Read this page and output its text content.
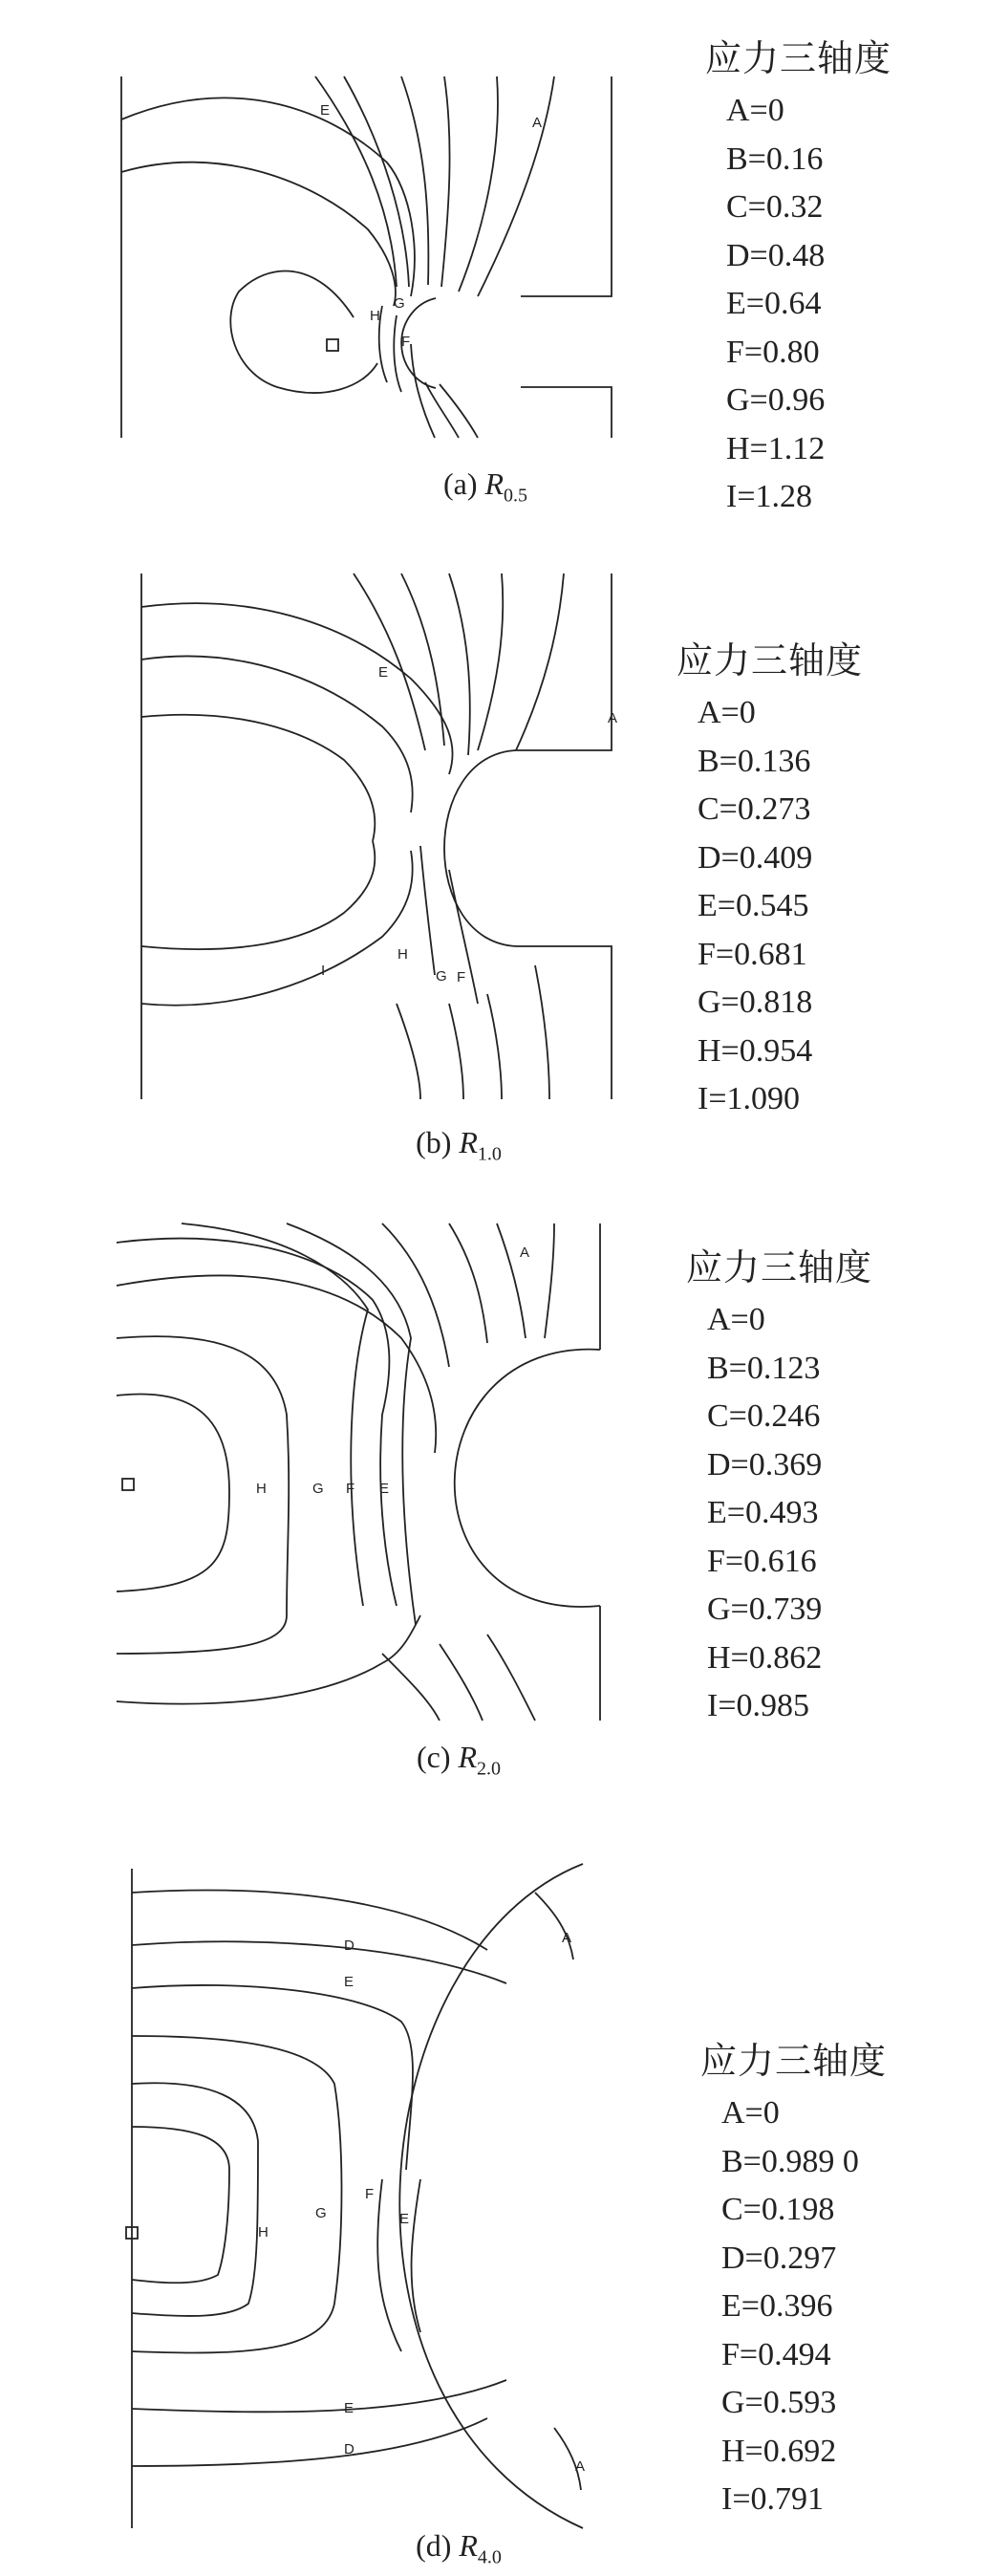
E
A
H
G
F
应力三轴度
A=0
B=0.16
C=0.32
D=0.48
E=0.64
F=0.80
G=0.96
H=1.12
I=1.28
(a) $R_{0.5}$
E
A
I
H
G F
应力三轴度
A=0
B=0.136
C=0.273
D=0.409
E=0.545
F=0.681
G=0.818
H=0.954
I=1.090
(b) $R_{1.0}$
A
H	G F E
应力三轴度
A=0
B=0.123
C=0.246
D=0.369
E=0.493
F=0.616
G=0.739
H=0.862
I=0.985
(c) $R_{2.0}$
D
E
A
H
G
F
E
E
D
A
应力三轴度
A=0
B=0.989 0
C=0.198
D=0.297
E=0.396
F=0.494
G=0.593
H=0.692
I=0.791
(d) $R_{4.0}$
